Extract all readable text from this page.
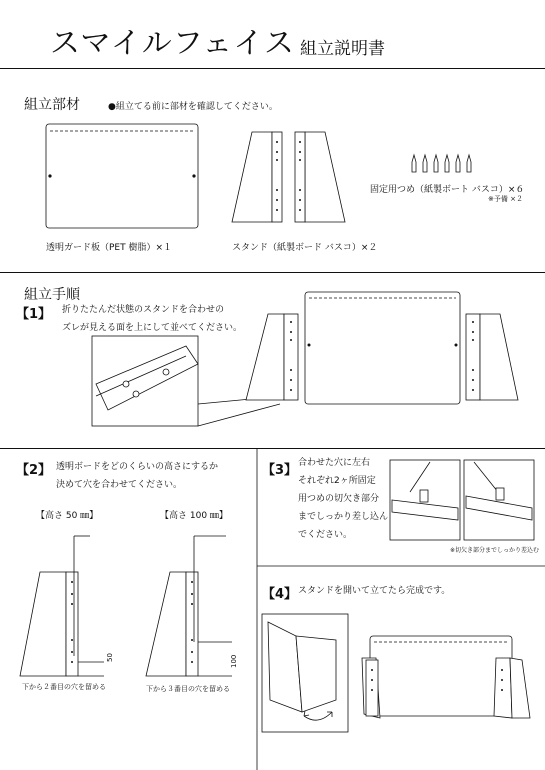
スマイルフェイス 組立説明書
組立部材	●組立てる前に部材を確認してください。
透明ガード板（PET 樹脂）×１	スタンド（紙製ボード バスコ）×２
固定用つめ（紙製ボート バスコ）×６
※予備 ×２
組立手順
【1】 折りたたんだ状態のスタンドを合わせの
ズレが見える面を上にして並べてください。
【2】 透明ボードをどのくらいの高さにするか
決めて穴を合わせてください。
【高さ 50 ㎜】	【高さ 100 ㎜】
50	100
下から２番目の穴を留める	下から３番目の穴を留める
【3】 合わせた穴に左右
それぞれ2ヶ所固定
用つめの切欠き部分
までしっかり差し込ん
でください。
※切欠き部分までしっかり差込む
【4】 スタンドを開いて立てたら完成です。
